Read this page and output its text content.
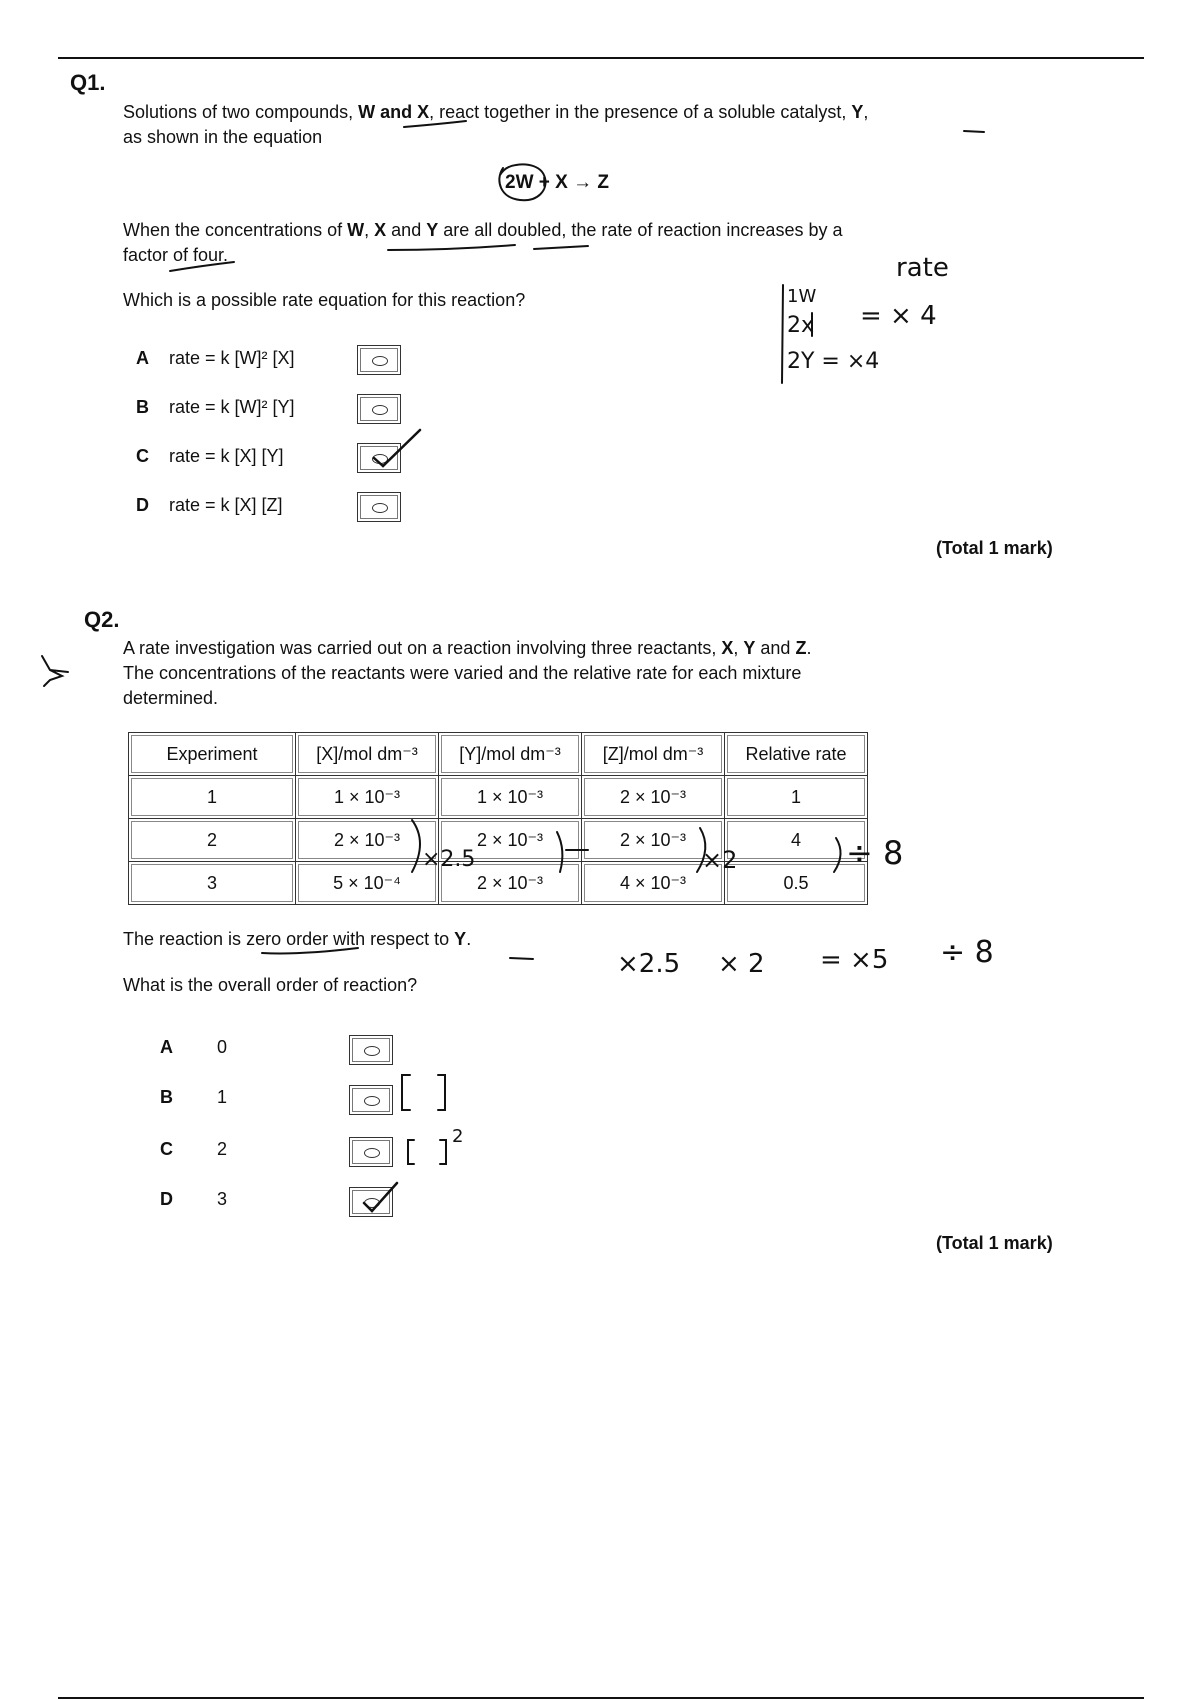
Q1.
Solutions of two compounds, W and X, react together in the presence of a soluble catalyst, Y,
as shown in the equation
2W + X → Z
When the concentrations of W, X and Y are all doubled, the rate of reaction increases by a
factor of four.
Which is a possible rate equation for this reaction?
A rate = k [W]² [X]
B rate = k [W]² [Y]
C rate = k [X] [Y]
D rate = k [X] [Z]
(Total 1 mark)
Q2.
A rate investigation was carried out on a reaction involving three reactants, X, Y and Z.
The concentrations of the reactants were varied and the relative rate for each mixture
determined.
Experiment	[X]/mol dm⁻³	[Y]/mol dm⁻³	[Z]/mol dm⁻³	Relative rate
1	1 × 10⁻³	1 × 10⁻³	2 × 10⁻³	1
2	2 × 10⁻³	2 × 10⁻³	2 × 10⁻³	4
3	5 × 10⁻⁴	2 × 10⁻³	4 × 10⁻³	0.5
The reaction is zero order with respect to Y.
What is the overall order of reaction?
A 0
B 1
C 2
D 3
(Total 1 mark)
rate
1W
2x = × 4
2Y = ×4
×2.5	×2	÷ 8
×2.5 × 2 = ×5 ÷ 8
2
